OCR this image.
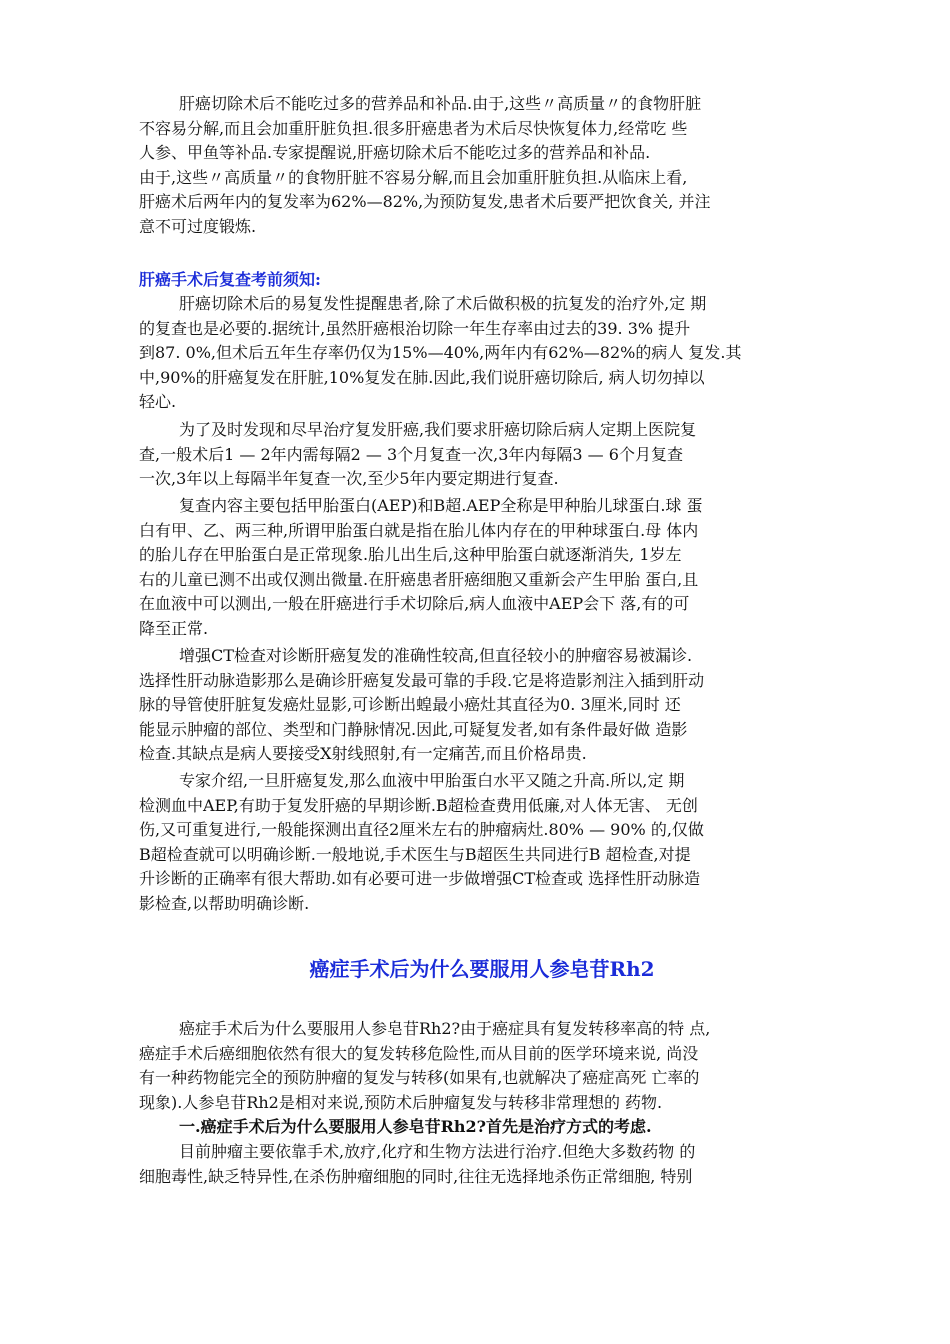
肝癌切除术后不能吃过多的营养品和补品.由于,这些〃高质量〃的食物肝脏
不容易分解,而且会加重肝脏负担.很多肝癌患者为术后尽快恢复体力,经常吃 些
人参、甲鱼等补品.专家提醒说,肝癌切除术后不能吃过多的营养品和补品.
由于,这些〃高质量〃的食物肝脏不容易分解,而且会加重肝脏负担.从临床上看,
肝癌术后两年内的复发率为62%—82%,为预防复发,患者术后要严把饮食关, 并注
意不可过度锻炼.
肝癌手术后复查考前须知:
肝癌切除术后的易复发性提醒患者,除了术后做积极的抗复发的治疗外,定 期
的复查也是必要的.据统计,虽然肝癌根治切除一年生存率由过去的39. 3% 提升
到87. 0%,但术后五年生存率仍仅为15%—40%,两年内有62%—82%的病人 复发.其
中,90%的肝癌复发在肝脏,10%复发在肺.因此,我们说肝癌切除后, 病人切勿掉以
轻心.
为了及时发现和尽早治疗复发肝癌,我们要求肝癌切除后病人定期上医院复
查,一般术后1 — 2年内需每隔2 — 3个月复查一次,3年内每隔3 — 6个月复查
一次,3年以上每隔半年复查一次,至少5年内要定期进行复查.
复查内容主要包括甲胎蛋白(AEP)和B超.AEP全称是甲种胎儿球蛋白.球 蛋
白有甲、乙、两三种,所谓甲胎蛋白就是指在胎儿体内存在的甲种球蛋白.母 体内
的胎儿存在甲胎蛋白是正常现象.胎儿出生后,这种甲胎蛋白就逐渐消失, 1岁左
右的儿童已测不出或仅测出微量.在肝癌患者肝癌细胞又重新会产生甲胎 蛋白,且
在血液中可以测出,一般在肝癌进行手术切除后,病人血液中AEP会下 落,有的可
降至正常.
增强CT检查对诊断肝癌复发的准确性较高,但直径较小的肿瘤容易被漏诊.
选择性肝动脉造影那么是确诊肝癌复发最可靠的手段.它是将造影剂注入插到肝动
脉的导管使肝脏复发癌灶显影,可诊断出蝗最小癌灶其直径为0. 3厘米,同时 还
能显示肿瘤的部位、类型和门静脉情况.因此,可疑复发者,如有条件最好做 造影
检查.其缺点是病人要接受X射线照射,有一定痛苦,而且价格昂贵.
专家介绍,一旦肝癌复发,那么血液中甲胎蛋白水平又随之升高.所以,定 期
检测血中AEP,有助于复发肝癌的早期诊断.B超检查费用低廉,对人体无害、 无创
伤,又可重复进行,一般能探测出直径2厘米左右的肿瘤病灶.80% — 90% 的,仅做
B超检查就可以明确诊断.一般地说,手术医生与B超医生共同进行B 超检查,对提
升诊断的正确率有很大帮助.如有必要可进一步做增强CT检查或 选择性肝动脉造
影检查,以帮助明确诊断.
癌症手术后为什么要服用人参皂苷Rh2
癌症手术后为什么要服用人参皂苷Rh2?由于癌症具有复发转移率高的特 点,
癌症手术后癌细胞依然有很大的复发转移危险性,而从目前的医学环境来说, 尚没
有一种药物能完全的预防肿瘤的复发与转移(如果有,也就解决了癌症高死 亡率的
现象).人参皂苷Rh2是相对来说,预防术后肿瘤复发与转移非常理想的 药物.
一.癌症手术后为什么要服用人参皂苷Rh2?首先是治疗方式的考虑.
目前肿瘤主要依靠手术,放疗,化疗和生物方法进行治疗.但绝大多数药物 的
细胞毒性,缺乏特异性,在杀伤肿瘤细胞的同时,往往无选择地杀伤正常细胞, 特别
